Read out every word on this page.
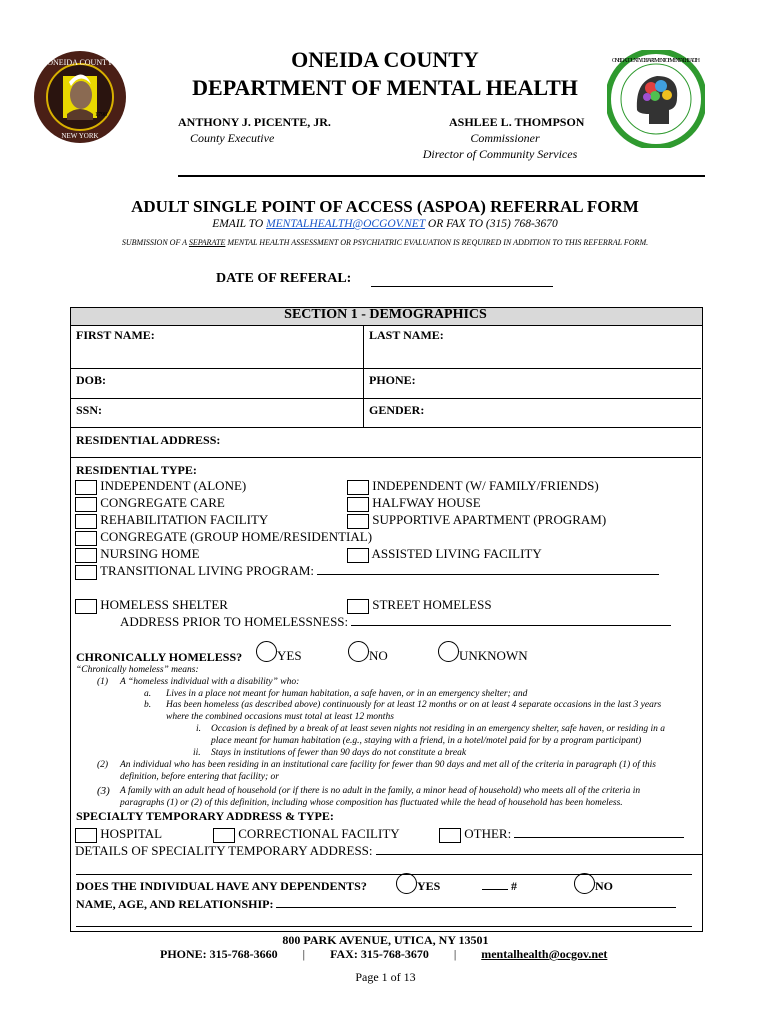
ONEIDA COUNTY
NEW YORK
1798
ONEIDA COUNTY · DEPARTMENT OF MENTAL HEALTH
ONEIDA COUNTY
DEPARTMENT OF MENTAL HEALTH
ANTHONY J. PICENTE, JR.
County Executive
ASHLEE L. THOMPSON
Commissioner
Director of Community Services
ADULT SINGLE POINT OF ACCESS (ASPOA) REFERRAL FORM
EMAIL TO MENTALHEALTH@OCGOV.NET OR FAX TO (315) 768-3670
SUBMISSION OF A SEPARATE MENTAL HEALTH ASSESSMENT OR PSYCHIATRIC EVALUATION IS REQUIRED IN ADDITION TO THIS REFERRAL FORM.
DATE OF REFERAL:
SECTION 1 - DEMOGRAPHICS
FIRST NAME:	LAST NAME:
DOB:	PHONE:
SSN:	GENDER:
RESIDENTIAL ADDRESS:
RESIDENTIAL TYPE:
INDEPENDENT (ALONE)	INDEPENDENT (W/ FAMILY/FRIENDS)
CONGREGATE CARE	HALFWAY HOUSE
REHABILITATION FACILITY	SUPPORTIVE APARTMENT (PROGRAM)
CONGREGATE (GROUP HOME/RESIDENTIAL)
NURSING HOME	ASSISTED LIVING FACILITY
TRANSITIONAL LIVING PROGRAM:
HOMELESS SHELTER	STREET HOMELESS
ADDRESS PRIOR TO HOMELESSNESS:
CHRONICALLY HOMELESS?	YES	NO	UNKNOWN
“Chronically homeless” means:
(1) A “homeless individual with a disability” who:
a. Lives in a place not meant for human habitation, a safe haven, or in an emergency shelter; and
b. Has been homeless (as described above) continuously for at least 12 months or on at least 4 separate occasions in the last 3 years
where the combined occasions must total at least 12 months
i. Occasion is defined by a break of at least seven nights not residing in an emergency shelter, safe haven, or residing in a
place meant for human habitation (e.g., staying with a friend, in a hotel/motel paid for by a program participant)
ii. Stays in institutions of fewer than 90 days do not constitute a break
(2) An individual who has been residing in an institutional care facility for fewer than 90 days and met all of the criteria in paragraph (1) of this
definition, before entering that facility; or
(3) A family with an adult head of household (or if there is no adult in the family, a minor head of household) who meets all of the criteria in
paragraphs (1) or (2) of this definition, including whose composition has fluctuated while the head of household has been homeless.
SPECIALTY TEMPORARY ADDRESS & TYPE:
HOSPITAL	CORRECTIONAL FACILITY	OTHER:
DETAILS OF SPECIALITY TEMPORARY ADDRESS:
DOES THE INDIVIDUAL HAVE ANY DEPENDENTS?	YES	#	NO
NAME, AGE, AND RELATIONSHIP:
800 PARK AVENUE, UTICA, NY 13501
PHONE: 315-768-3660 | FAX: 315-768-3670 | mentalhealth@ocgov.net
Page 1 of 13
